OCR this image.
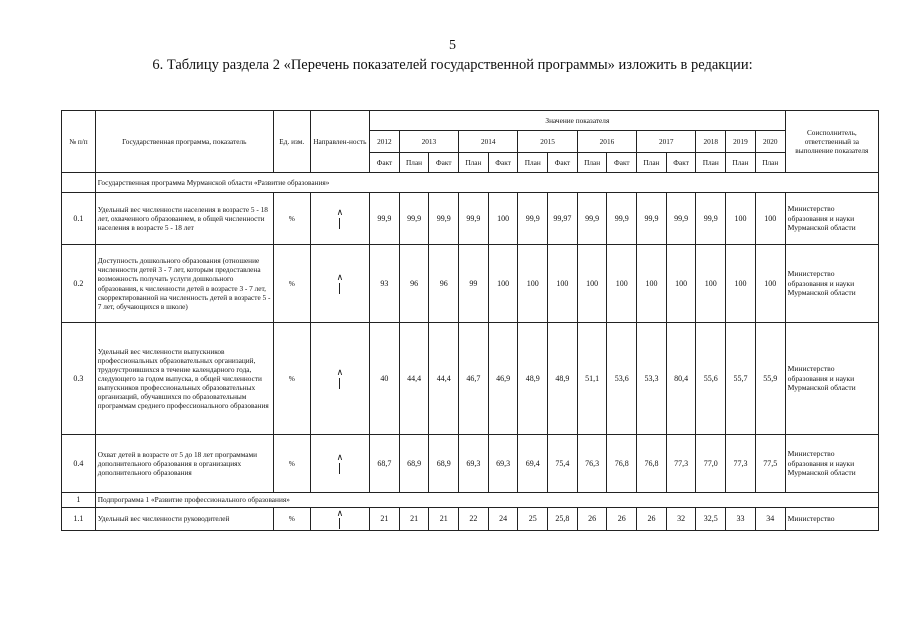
5
6. Таблицу раздела 2 «Перечень показателей государственной программы» изложить в редакции:
№ п/п	Государственная программа, показатель	Ед. изм.	Направлен-ность	Значение показателя														Соисполнитель, ответственный за выполнение показателя
				2012	2013		2014		2015		2016		2017		2018	2019	2020	
				Факт	План	Факт	План	Факт	План	Факт	План	Факт	План	Факт	План	План	План	
	Государственная программа Мурманской области «Развитие образования»																	
0.1	Удельный вес численности населения в возрасте 5 - 18 лет, охваченного образованием, в общей численности населения в возрасте 5 - 18 лет	%	∧	99,9	99,9	99,9	99,9	100	99,9	99,97	99,9	99,9	99,9	99,9	99,9	100	100	Министерство образования и науки Мурманской области
0.2	Доступность дошкольного образования (отношение численности детей 3 - 7 лет, которым предоставлена возможность получать услуги дошкольного образования, к численности детей в возрасте 3 - 7 лет, скорректированной на численность детей в возрасте 5 - 7 лет, обучающихся в школе)	%	∧	93	96	96	99	100	100	100	100	100	100	100	100	100	100	Министерство образования и науки Мурманской области
0.3	Удельный вес численности выпускников профессиональных образовательных организаций, трудоустроившихся в течение календарного года, следующего за годом выпуска, в общей численности выпускников профессиональных образовательных организаций, обучавшихся по образовательным программам среднего профессионального образования	%	∧	40	44,4	44,4	46,7	46,9	48,9	48,9	51,1	53,6	53,3	80,4	55,6	55,7	55,9	Министерство образования и науки Мурманской области
0.4	Охват детей в возрасте от 5 до 18 лет программами дополнительного образования в организациях дополнительного образования	%	∧	68,7	68,9	68,9	69,3	69,3	69,4	75,4	76,3	76,8	76,8	77,3	77,0	77,3	77,5	Министерство образования и науки Мурманской области
1	Подпрограмма 1 «Развитие профессионального образования»																	
1.1	Удельный вес численности руководителей	%	∧	21	21	21	22	24	25	25,8	26	26	26	32	32,5	33	34	Министерство
